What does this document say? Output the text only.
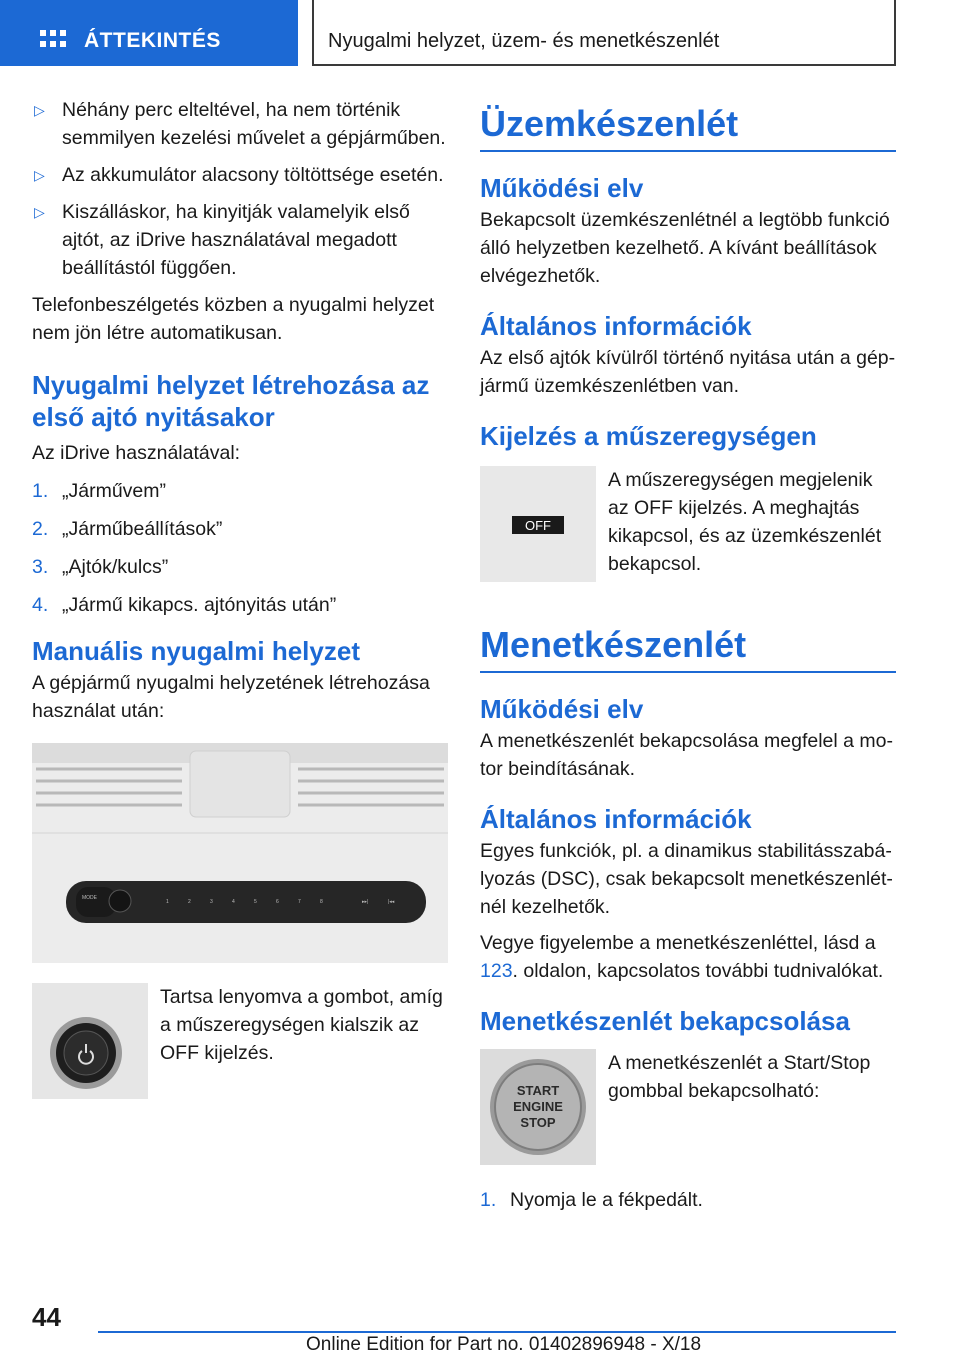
ÁTTEKINTÉS	Nyugalmi helyzet, üzem- és menetkészenlét
▷ Néhány perc elteltével, ha nem történik semmilyen kezelési művelet a gépjárműben.
▷ Az akkumulátor alacsony töltöttsége esetén.
▷ Kiszálláskor, ha kinyitják valamelyik első ajtót, az iDrive használatával megadott beállítástól függően.

Telefonbeszélgetés közben a nyugalmi helyzet nem jön létre automatikusan.

Nyugalmi helyzet létrehozása az első ajtó nyitásakor

Az iDrive használatával:

1. „Járművem”
2. „Járműbeállítások”
3. „Ajtók/kulcs”
4. „Jármű kikapcs. ajtónyitás után”
Manuális nyugalmi helyzet

A gépjármű nyugalmi helyzetének létrehozása használat után:

MODE
1	2	3	4	5	6	7	8	▸▸|	|◂◂
Tartsa lenyomva a gombot, amíg a műszeregységen kialszik az OFF kijelzés.
Üzemkészenlét
Működési elv

Bekapcsolt üzemkészenlétnél a legtöbb funkció álló helyzetben kezelhető. A kívánt beállítások elvégezhetők.

Általános információk

Az első ajtók kívülről történő nyitása után a gépjármű üzemkészenlétben van.

Kijelzés a műszeregységen
OFF
A műszeregységen megjelenik az OFF kijelzés. A meghajtás kikapcsol, és az üzemkészenlét bekapcsol.
Menetkészenlét
Működési elv

A menetkészenlét bekapcsolása megfelel a motor beindításának.

Általános információk

Egyes funkciók, pl. a dinamikus stabilitásszabályozás (DSC), csak bekapcsolt menetkészenlétnél kezelhetők.

Vegye figyelembe a menetkészenléttel, lásd a 123. oldalon, kapcsolatos további tudnivalókat.

Menetkészenlét bekapcsolása
START
ENGINE
STOP
A menetkészenlét a Start/Stop gombbal bekapcsolható:
1. Nyomja le a fékpedált.
44
Online Edition for Part no. 01402896948 - X/18
